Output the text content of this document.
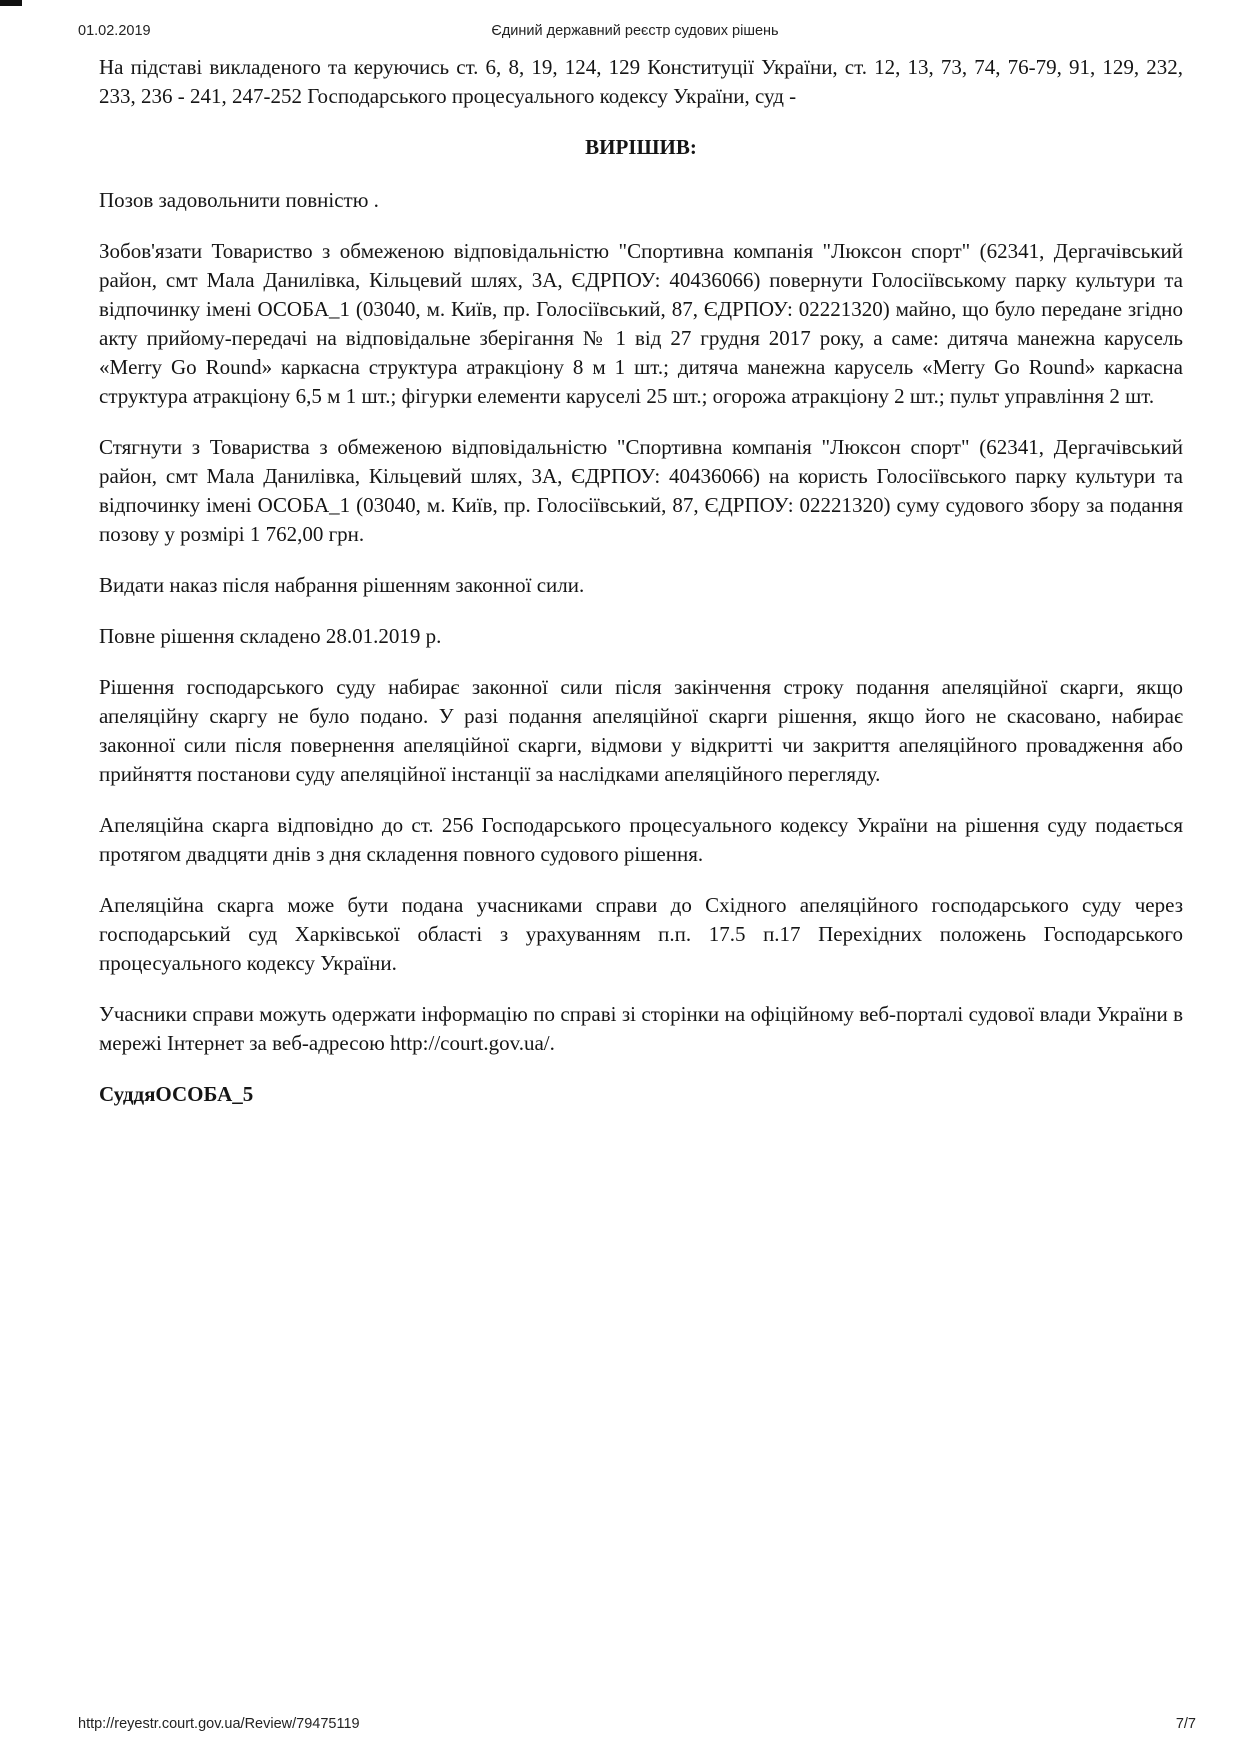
01.02.2019	Єдиний державний реєстр судових рішень

На підставі викладеного та керуючись ст. 6, 8, 19, 124, 129 Конституції України, ст. 12, 13, 73, 74, 76-79, 91, 129, 232, 233, 236 - 241, 247-252 Господарського процесуального кодексу України, суд -

ВИРІШИВ:

Позов задовольнити повністю .

Зобов'язати Товариство з обмеженою відповідальністю "Спортивна компанія "Люксон спорт" (62341, Дергачівський район, смт Мала Данилівка, Кільцевий шлях, 3А, ЄДРПОУ: 40436066) повернути Голосіївському парку культури та відпочинку імені ОСОБА_1 (03040, м. Київ, пр. Голосіївський, 87, ЄДРПОУ: 02221320) майно, що було передане згідно акту прийому-передачі на відповідальне зберігання № 1 від 27 грудня 2017 року, а саме: дитяча манежна карусель «Merry Go Round» каркасна структура атракціону 8 м 1 шт.; дитяча манежна карусель «Merry Go Round» каркасна структура атракціону 6,5 м 1 шт.; фігурки елементи каруселі 25 шт.; огорожа атракціону 2 шт.; пульт управління 2 шт.

Стягнути з Товариства з обмеженою відповідальністю "Спортивна компанія "Люксон спорт" (62341, Дергачівський район, смт Мала Данилівка, Кільцевий шлях, 3А, ЄДРПОУ: 40436066) на користь Голосіївського парку культури та відпочинку імені ОСОБА_1 (03040, м. Київ, пр. Голосіївський, 87, ЄДРПОУ: 02221320) суму судового збору за подання позову у розмірі 1 762,00 грн.

Видати наказ після набрання рішенням законної сили.

Повне рішення складено 28.01.2019 р.

Рішення господарського суду набирає законної сили після закінчення строку подання апеляційної скарги, якщо апеляційну скаргу не було подано. У разі подання апеляційної скарги рішення, якщо його не скасовано, набирає законної сили після повернення апеляційної скарги, відмови у відкритті чи закриття апеляційного провадження або прийняття постанови суду апеляційної інстанції за наслідками апеляційного перегляду.

Апеляційна скарга відповідно до ст. 256 Господарського процесуального кодексу України на рішення суду подається протягом двадцяти днів з дня складення повного судового рішення.

Апеляційна скарга може бути подана учасниками справи до Східного апеляційного господарського суду через господарський суд Харківської області з урахуванням п.п. 17.5 п.17 Перехідних положень Господарського процесуального кодексу України.

Учасники справи можуть одержати інформацію по справі зі сторінки на офіційному веб-порталі судової влади України в мережі Інтернет за веб-адресою http://court.gov.ua/.

СуддяОСОБА_5

http://reyestr.court.gov.ua/Review/79475119	7/7
